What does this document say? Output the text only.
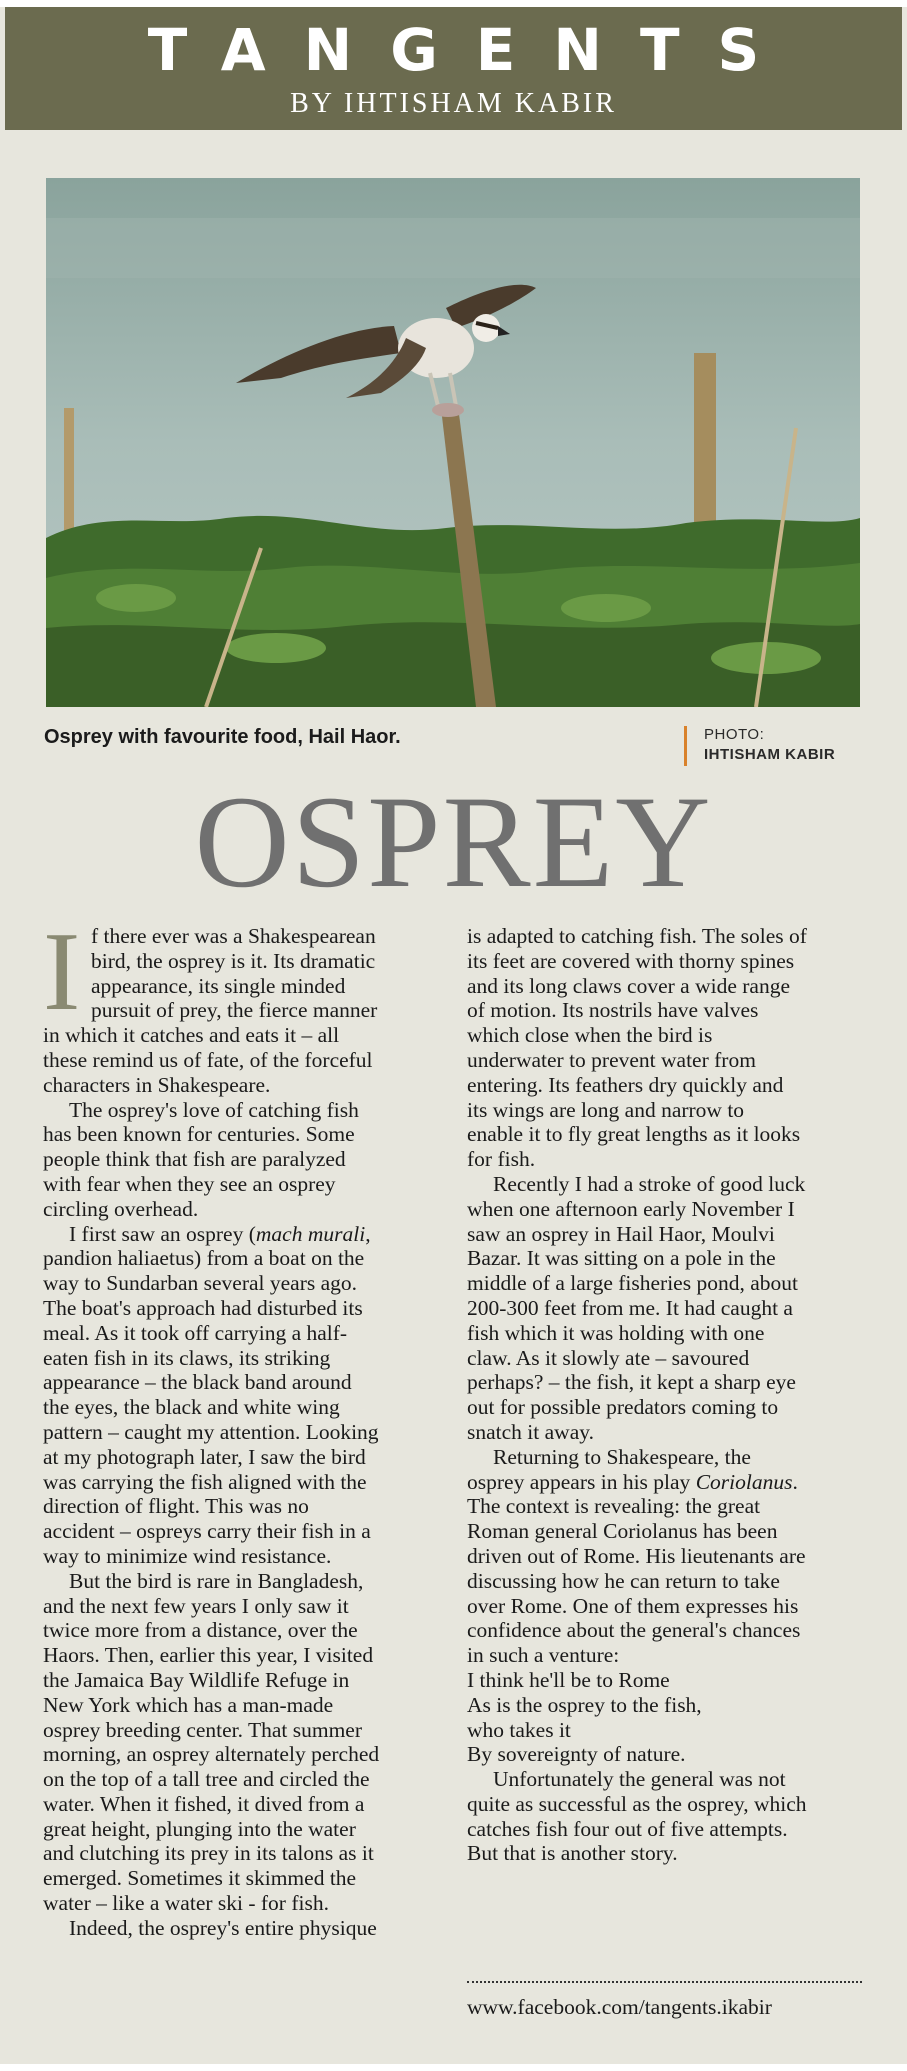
TANGENTS
BY IHTISHAM KABIR
Osprey with favourite food, Hail Haor.	PHOTO:
IHTISHAM KABIR
OSPREY
I f there ever was a Shakespearean
bird, the osprey is it. Its dramatic
appearance, its single minded
pursuit of prey, the fierce manner
in which it catches and eats it – all
these remind us of fate, of the forceful
characters in Shakespeare.
The osprey's love of catching fish
has been known for centuries. Some
people think that fish are paralyzed
with fear when they see an osprey
circling overhead.
I first saw an osprey (mach murali,
pandion haliaetus) from a boat on the
way to Sundarban several years ago.
The boat's approach had disturbed its
meal. As it took off carrying a half-
eaten fish in its claws, its striking
appearance – the black band around
the eyes, the black and white wing
pattern – caught my attention. Looking
at my photograph later, I saw the bird
was carrying the fish aligned with the
direction of flight. This was no
accident – ospreys carry their fish in a
way to minimize wind resistance.
But the bird is rare in Bangladesh,
and the next few years I only saw it
twice more from a distance, over the
Haors. Then, earlier this year, I visited
the Jamaica Bay Wildlife Refuge in
New York which has a man-made
osprey breeding center. That summer
morning, an osprey alternately perched
on the top of a tall tree and circled the
water. When it fished, it dived from a
great height, plunging into the water
and clutching its prey in its talons as it
emerged. Sometimes it skimmed the
water – like a water ski - for fish.
Indeed, the osprey's entire physique
is adapted to catching fish. The soles of
its feet are covered with thorny spines
and its long claws cover a wide range
of motion. Its nostrils have valves
which close when the bird is
underwater to prevent water from
entering. Its feathers dry quickly and
its wings are long and narrow to
enable it to fly great lengths as it looks
for fish.
Recently I had a stroke of good luck
when one afternoon early November I
saw an osprey in Hail Haor, Moulvi
Bazar. It was sitting on a pole in the
middle of a large fisheries pond, about
200-300 feet from me. It had caught a
fish which it was holding with one
claw. As it slowly ate – savoured
perhaps? – the fish, it kept a sharp eye
out for possible predators coming to
snatch it away.
Returning to Shakespeare, the
osprey appears in his play Coriolanus.
The context is revealing: the great
Roman general Coriolanus has been
driven out of Rome. His lieutenants are
discussing how he can return to take
over Rome. One of them expresses his
confidence about the general's chances
in such a venture:
I think he'll be to Rome
As is the osprey to the fish,
who takes it
By sovereignty of nature.
Unfortunately the general was not
quite as successful as the osprey, which
catches fish four out of five attempts.
But that is another story.
www.facebook.com/tangents.ikabir
